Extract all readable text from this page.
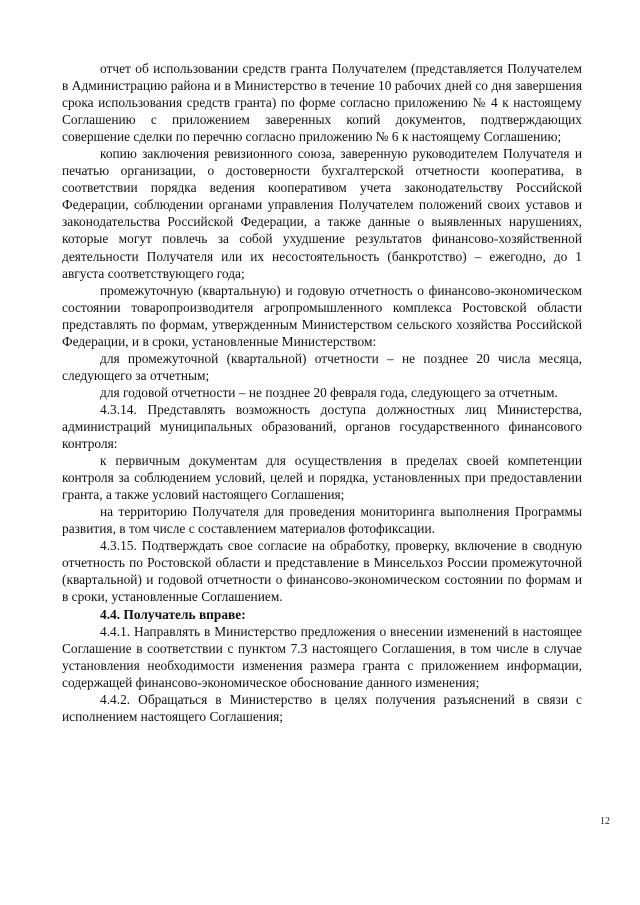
отчет об использовании средств гранта Получателем (представляется Получателем в Администрацию района и в Министерство в течение 10 рабочих дней со дня завершения срока использования средств гранта) по форме согласно приложению № 4 к настоящему Соглашению с приложением заверенных копий документов, подтверждающих совершение сделки по перечню согласно приложению № 6 к настоящему Соглашению;

копию заключения ревизионного союза, заверенную руководителем Получателя и печатью организации, о достоверности бухгалтерской отчетности кооператива, в соответствии порядка ведения кооперативом учета законодательству Российской Федерации, соблюдении органами управления Получателем положений своих уставов и законодательства Российской Федерации, а также данные о выявленных нарушениях, которые могут повлечь за собой ухудшение результатов финансово-хозяйственной деятельности Получателя или их несостоятельность (банкротство) – ежегодно, до 1 августа соответствующего года;

промежуточную (квартальную) и годовую отчетность о финансово-экономическом состоянии товаропроизводителя агропромышленного комплекса Ростовской области представлять по формам, утвержденным Министерством сельского хозяйства Российской Федерации, и в сроки, установленные Министерством:

для промежуточной (квартальной) отчетности – не позднее 20 числа месяца, следующего за отчетным;

для годовой отчетности – не позднее 20 февраля года, следующего за отчетным.

4.3.14. Представлять возможность доступа должностных лиц Министерства, администраций муниципальных образований, органов государственного финансового контроля:

к первичным документам для осуществления в пределах своей компетенции контроля за соблюдением условий, целей и порядка, установленных при предоставлении гранта, а также условий настоящего Соглашения;

на территорию Получателя для проведения мониторинга выполнения Программы развития, в том числе с составлением материалов фотофиксации.

4.3.15. Подтверждать свое согласие на обработку, проверку, включение в сводную отчетность по Ростовской области и представление в Минсельхоз России промежуточной (квартальной) и годовой отчетности о финансово-экономическом состоянии по формам и в сроки, установленные Соглашением.

4.4. Получатель вправе:

4.4.1. Направлять в Министерство предложения о внесении изменений в настоящее Соглашение в соответствии с пунктом 7.3 настоящего Соглашения, в том числе в случае установления необходимости изменения размера гранта с приложением информации, содержащей финансово-экономическое обоснование данного изменения;

4.4.2. Обращаться в Министерство в целях получения разъяснений в связи с исполнением настоящего Соглашения;

12
